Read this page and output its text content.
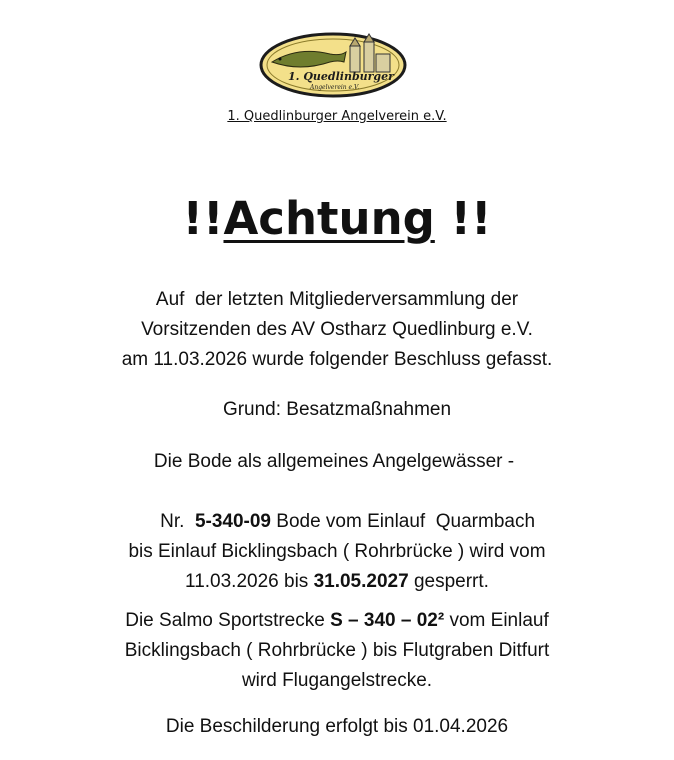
1. Quedlinburger
Angelverein e.V.
1. Quedlinburger Angelverein e.V.
!!Achtung !!
Auf  der letzten Mitgliederversammlung der
Vorsitzenden des AV Ostharz Quedlinburg e.V.
am 11.03.2026 wurde folgender Beschluss gefasst.
Grund: Besatzmaßnahmen
Die Bode als allgemeines Angelgewässer -

Nr. 5-340-09 Bode vom Einlauf  Quarmbach
bis Einlauf Bicklingsbach ( Rohrbrücke ) wird vom
11.03.2026 bis 31.05.2027 gesperrt.
Die Salmo Sportstrecke S – 340 – 02² vom Einlauf
Bicklingsbach ( Rohrbrücke ) bis Flutgraben Ditfurt
wird Flugangelstrecke.
Die Beschilderung erfolgt bis 01.04.2026
